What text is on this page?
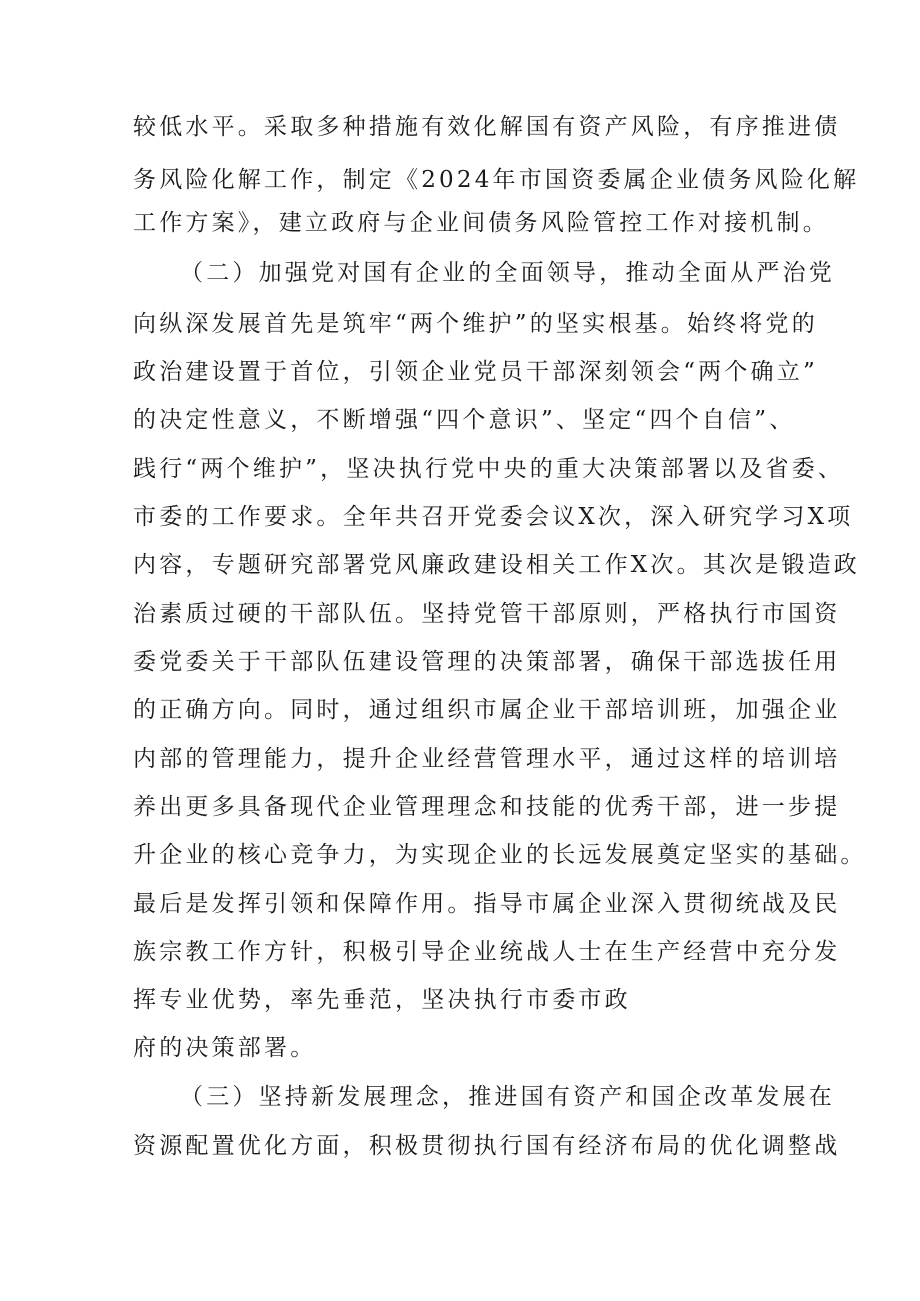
较低水平。采取多种措施有效化解国有资产风险，有序推进债
务风险化解工作，制定《2024年市国资委属企业债务风险化解
工作方案》，建立政府与企业间债务风险管控工作对接机制。
（二）加强党对国有企业的全面领导，推动全面从严治党
向纵深发展首先是筑牢“两个维护”的坚实根基。始终将党的
政治建设置于首位，引领企业党员干部深刻领会“两个确立”
的决定性意义，不断增强“四个意识”、坚定“四个自信”、
践行“两个维护”，坚决执行党中央的重大决策部署以及省委、
市委的工作要求。全年共召开党委会议X次，深入研究学习X项
内容，专题研究部署党风廉政建设相关工作X次。其次是锻造政
治素质过硬的干部队伍。坚持党管干部原则，严格执行市国资
委党委关于干部队伍建设管理的决策部署，确保干部选拔任用
的正确方向。同时，通过组织市属企业干部培训班，加强企业
内部的管理能力，提升企业经营管理水平，通过这样的培训培
养出更多具备现代企业管理理念和技能的优秀干部，进一步提
升企业的核心竞争力，为实现企业的长远发展奠定坚实的基础。
最后是发挥引领和保障作用。指导市属企业深入贯彻统战及民
族宗教工作方针，积极引导企业统战人士在生产经营中充分发
挥专业优势，率先垂范，坚决执行市委市政
府的决策部署。
（三）坚持新发展理念，推进国有资产和国企改革发展在
资源配置优化方面，积极贯彻执行国有经济布局的优化调整战
